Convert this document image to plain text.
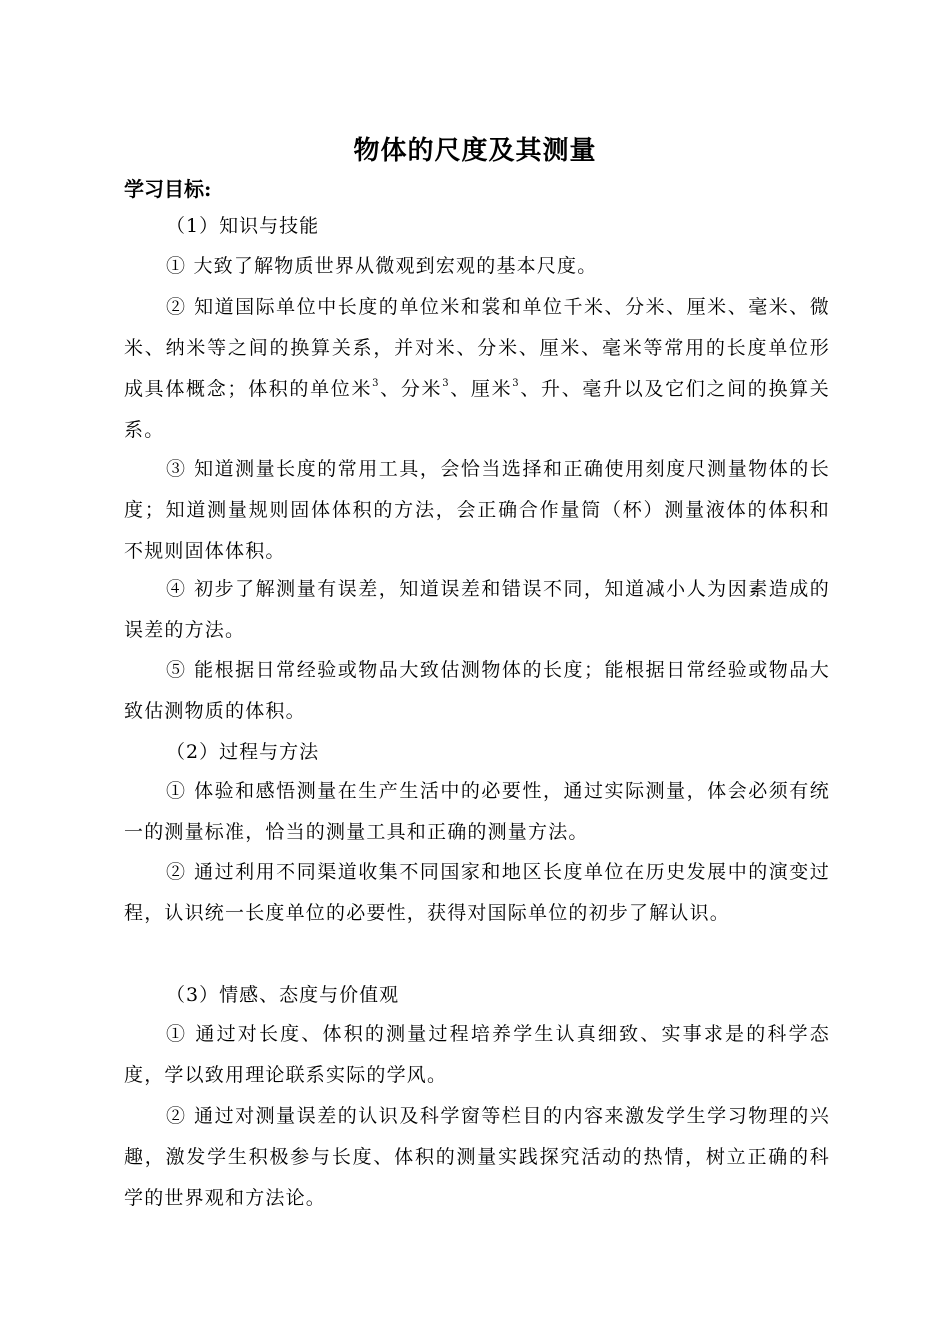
物体的尺度及其测量
学习目标:
（1）知识与技能
① 大致了解物质世界从微观到宏观的基本尺度。
② 知道国际单位中长度的单位米和裳和单位千米、分米、厘米、毫米、微米、纳米等之间的换算关系，并对米、分米、厘米、毫米等常用的长度单位形成具体概念；体积的单位米$^3$、分米$^3$、厘米$^3$、升、毫升以及它们之间的换算关系。
③ 知道测量长度的常用工具，会恰当选择和正确使用刻度尺测量物体的长度；知道测量规则固体体积的方法，会正确合作量筒（杯）测量液体的体积和不规则固体体积。
④ 初步了解测量有误差，知道误差和错误不同，知道减小人为因素造成的误差的方法。
⑤ 能根据日常经验或物品大致估测物体的长度；能根据日常经验或物品大致估测物质的体积。
（2）过程与方法
① 体验和感悟测量在生产生活中的必要性，通过实际测量，体会必须有统一的测量标准，恰当的测量工具和正确的测量方法。
② 通过利用不同渠道收集不同国家和地区长度单位在历史发展中的演变过程，认识统一长度单位的必要性，获得对国际单位的初步了解认识。
（3）情感、态度与价值观
① 通过对长度、体积的测量过程培养学生认真细致、实事求是的科学态度，学以致用理论联系实际的学风。
② 通过对测量误差的认识及科学窗等栏目的内容来激发学生学习物理的兴趣，激发学生积极参与长度、体积的测量实践探究活动的热情，树立正确的科学的世界观和方法论。
